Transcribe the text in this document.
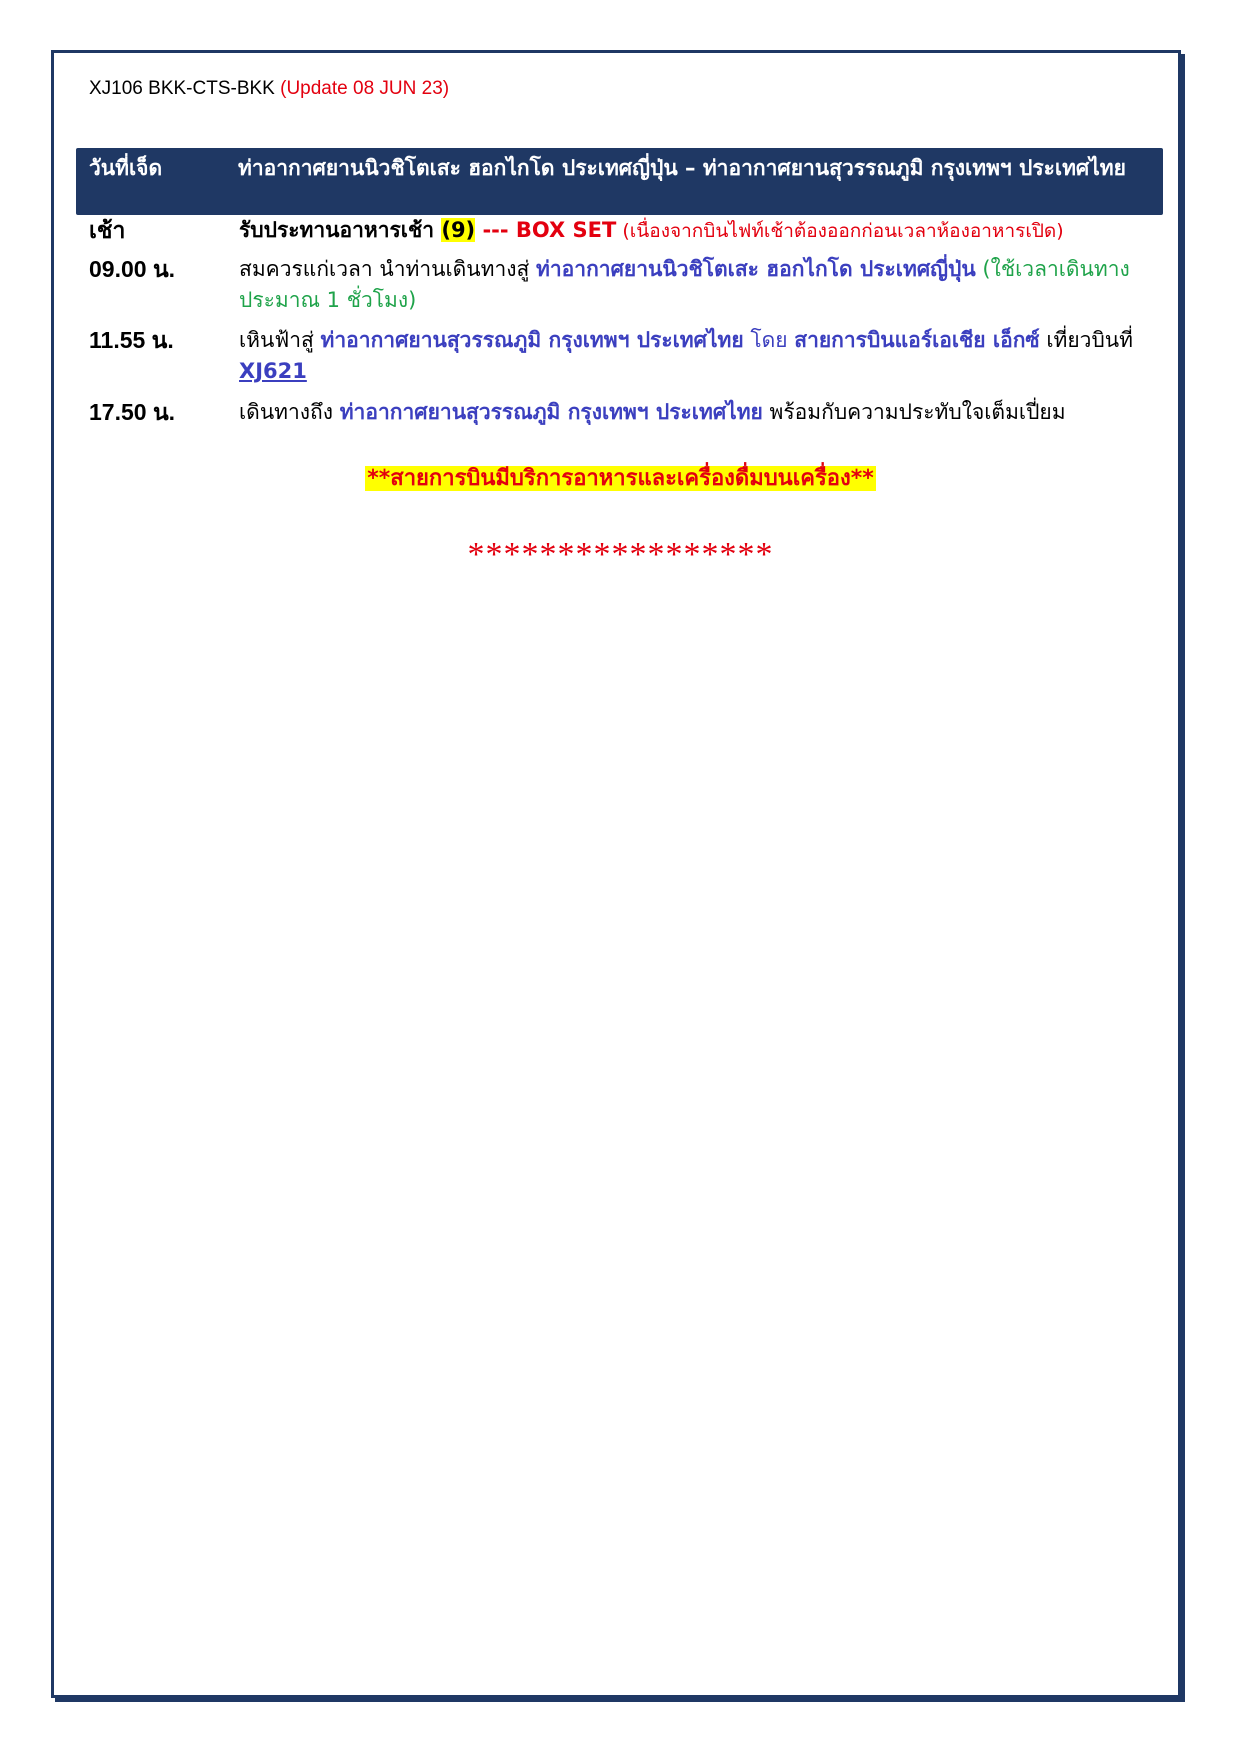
XJ106 BKK-CTS-BKK (Update 08 JUN 23)
วันที่เจ็ด	ท่าอากาศยานนิวชิโตเสะ ฮอกไกโด ประเทศญี่ปุ่น – ท่าอากาศยานสุวรรณภูมิ กรุงเทพฯ ประเทศไทย
เช้า	รับประทานอาหารเช้า (9) --- BOX SET (เนื่องจากบินไฟท์เช้าต้องออกก่อนเวลาห้องอาหารเปิด)
09.00 น.	สมควรแก่เวลา นำท่านเดินทางสู่ ท่าอากาศยานนิวชิโตเสะ ฮอกไกโด ประเทศญี่ปุ่น (ใช้เวลาเดินทางประมาณ 1 ชั่วโมง)
11.55 น.	เหินฟ้าสู่ ท่าอากาศยานสุวรรณภูมิ กรุงเทพฯ ประเทศไทย โดย สายการบินแอร์เอเชีย เอ็กซ์ เที่ยวบินที่ XJ621
17.50 น.	เดินทางถึง ท่าอากาศยานสุวรรณภูมิ กรุงเทพฯ ประเทศไทย พร้อมกับความประทับใจเต็มเปี่ยม
**สายการบินมีบริการอาหารและเครื่องดื่มบนเครื่อง**
*****************
